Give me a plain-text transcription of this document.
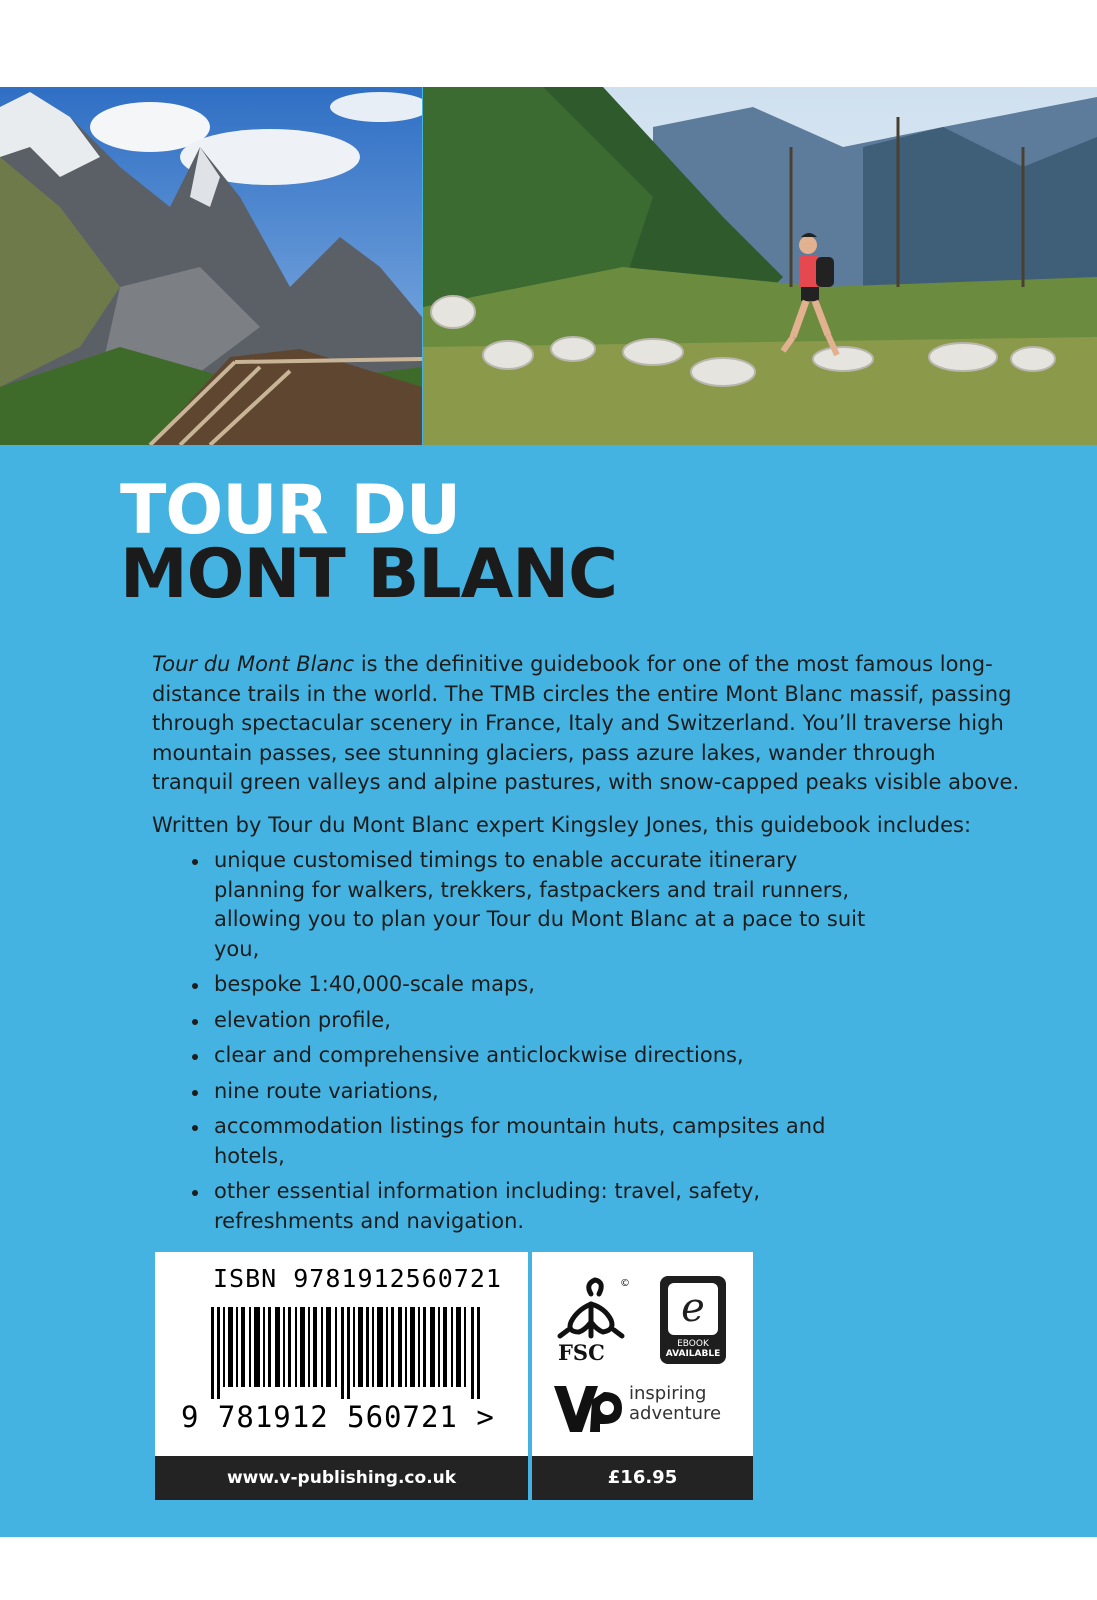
TOUR DU
MONT BLANC

Tour du Mont Blanc is the definitive guidebook for one of the most famous long-distance trails in the world. The TMB circles the entire Mont Blanc massif, passing through spectacular scenery in France, Italy and Switzerland. You’ll traverse high mountain passes, see stunning glaciers, pass azure lakes, wander through tranquil green valleys and alpine pastures, with snow-capped peaks visible above.

Written by Tour du Mont Blanc expert Kingsley Jones, this guidebook includes:

unique customised timings to enable accurate itinerary planning for walkers, trekkers, fastpackers and trail runners, allowing you to plan your Tour du Mont Blanc at a pace to suit you,
bespoke 1:40,000-scale maps,
elevation profile,
clear and comprehensive anticlockwise directions,
nine route variations,
accommodation listings for mountain huts, campsites and hotels,
other essential information including: travel, safety, refreshments and navigation.
ISBN 9781912560721
9 781912 560721 >
©
FSC
e
EBOOK
AVAILABLE
inspiring
adventure
www.v-publishing.co.uk	£16.95
